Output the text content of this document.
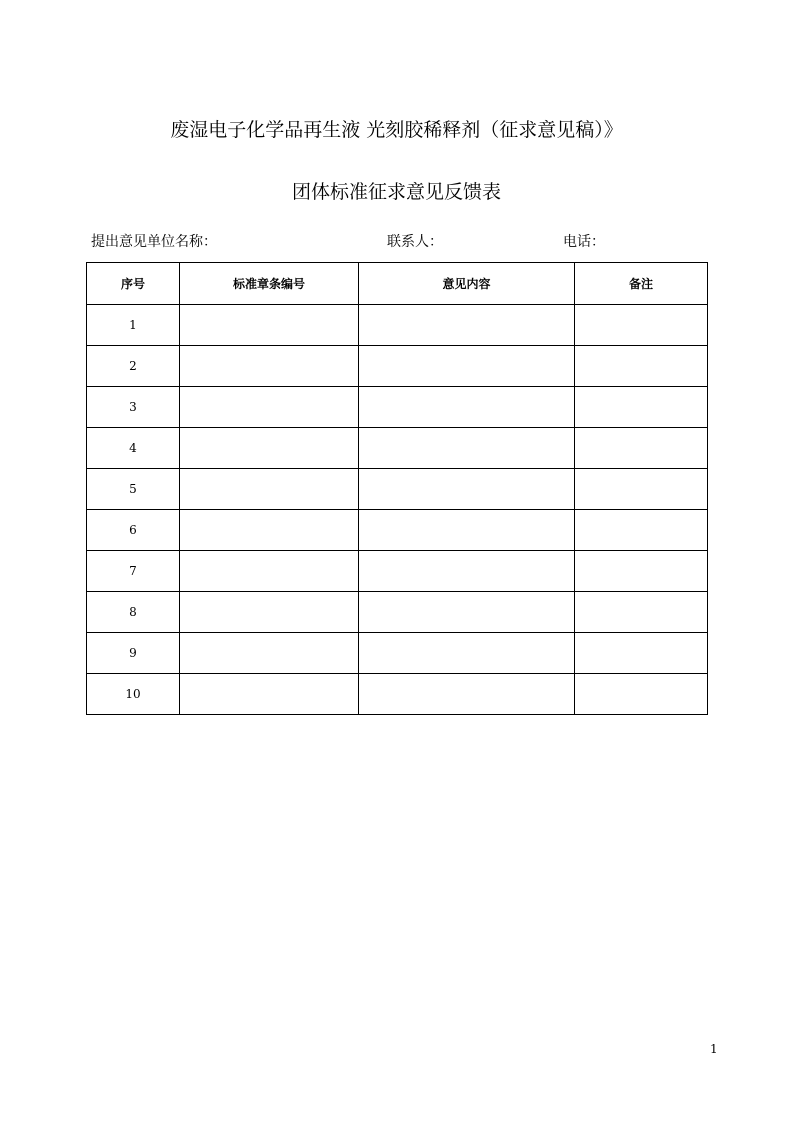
废湿电子化学品再生液 光刻胶稀释剂（征求意见稿）》
团体标准征求意见反馈表
提出意见单位名称：	联系人：	电话：
序号	标准章条编号	意见内容	备注
1			
2			
3			
4			
5			
6			
7			
8			
9			
10			
1
